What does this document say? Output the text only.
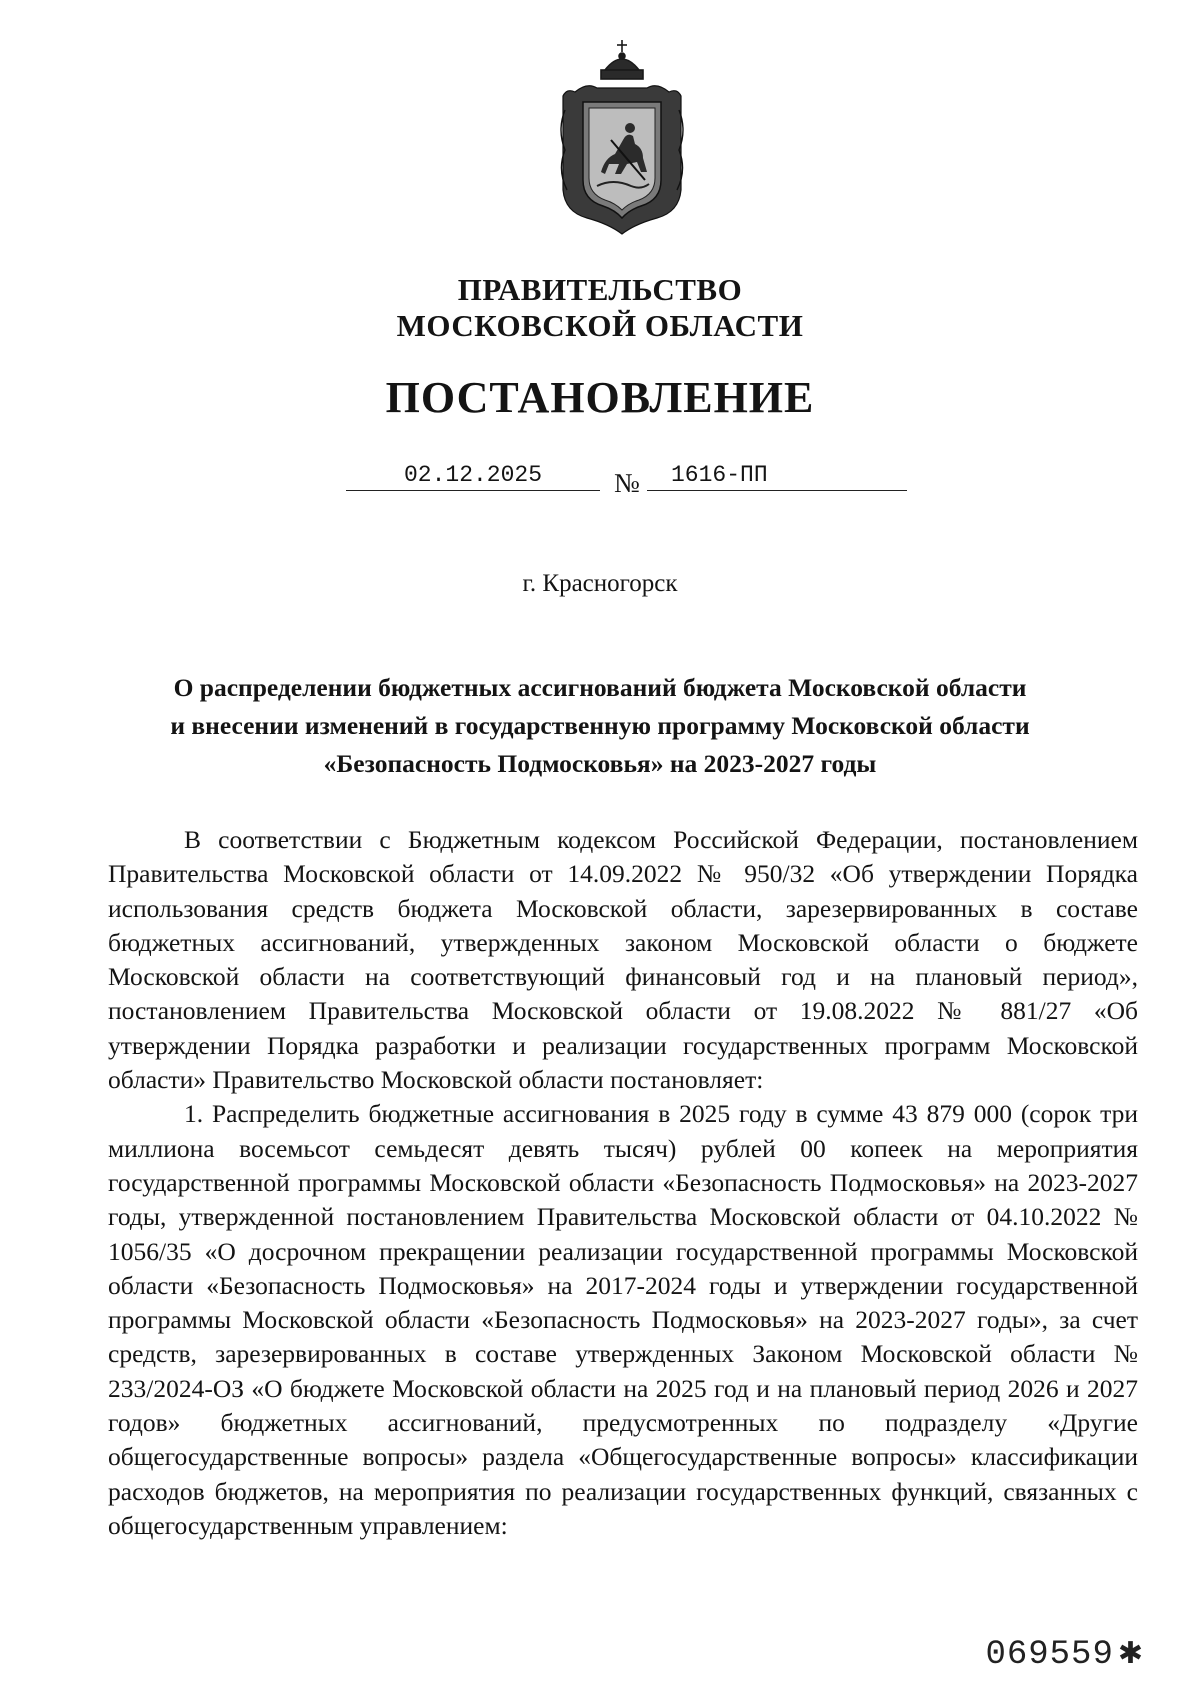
ПРАВИТЕЛЬСТВО
МОСКОВСКОЙ ОБЛАСТИ
ПОСТАНОВЛЕНИЕ
02.12.2025	№	1616-ПП
г. Красногорск
О распределении бюджетных ассигнований бюджета Московской области
и внесении изменений в государственную программу Московской области
«Безопасность Подмосковья» на 2023-2027 годы

В соответствии с Бюджетным кодексом Российской Федерации, постановлением Правительства Московской области от 14.09.2022 № 950/32 «Об утверждении Порядка использования средств бюджета Московской области, зарезервированных в составе бюджетных ассигнований, утвержденных законом Московской области о бюджете Московской области на соответствующий финансовый год и на плановый период», постановлением Правительства Московской области от 19.08.2022 № 881/27 «Об утверждении Порядка разработки и реализации государственных программ Московской области» Правительство Московской области постановляет:

1. Распределить бюджетные ассигнования в 2025 году в сумме 43 879 000 (сорок три миллиона восемьсот семьдесят девять тысяч) рублей 00 копеек на мероприятия государственной программы Московской области «Безопасность Подмосковья» на 2023-2027 годы, утвержденной постановлением Правительства Московской области от 04.10.2022 № 1056/35 «О досрочном прекращении реализации государственной программы Московской области «Безопасность Подмосковья» на 2017-2024 годы и утверждении государственной программы Московской области «Безопасность Подмосковья» на 2023-2027 годы», за счет средств, зарезервированных в составе утвержденных Законом Московской области № 233/2024-ОЗ «О бюджете Московской области на 2025 год и на плановый период 2026 и 2027 годов» бюджетных ассигнований, предусмотренных по подразделу «Другие общегосударственные вопросы» раздела «Общегосударственные вопросы» классификации расходов бюджетов, на мероприятия по реализации государственных функций, связанных с общегосударственным управлением:

069559 ✱
